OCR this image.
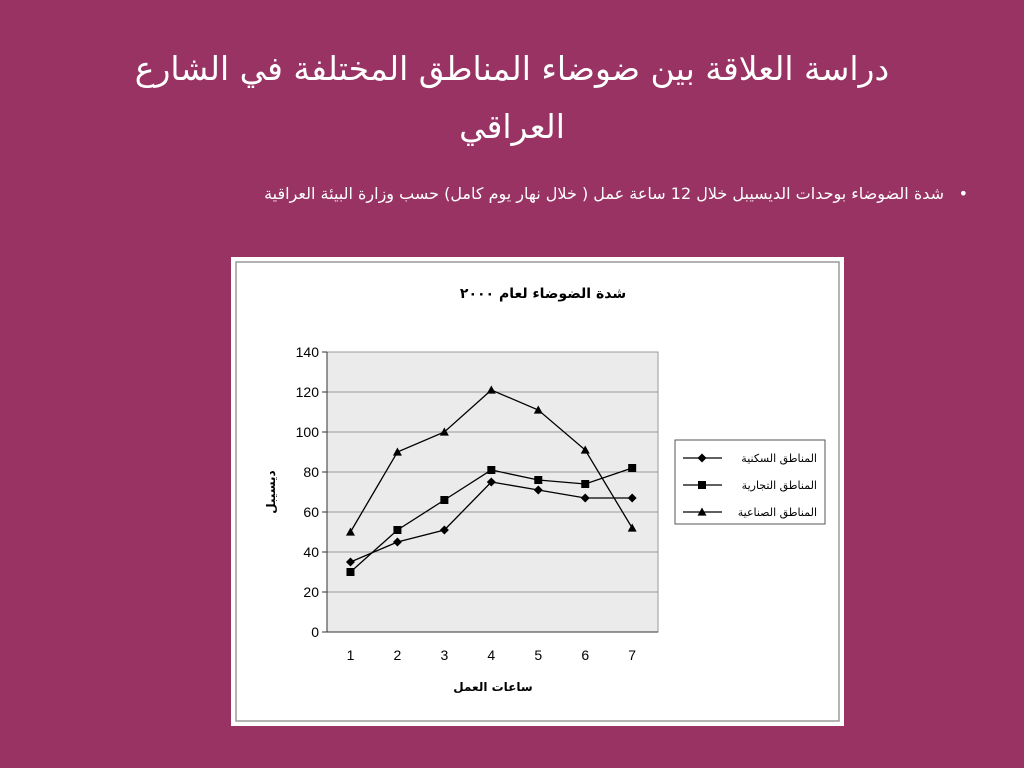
دراسة العلاقة بين ضوضاء المناطق المختلفة في الشارع العراقي
•شدة الضوضاء بوحدات الديسيبل خلال 12 ساعة عمل ( خلال نهار يوم كامل) حسب وزارة البيئة العراقية
شدة الضوضاء لعام ٢٠٠٠
0
20
40
60
80
100
120
140
1	2	3	4	5	6	7
ساعات العمل
ديسيبل
المناطق السكنية
المناطق التجارية
المناطق الصناعية
